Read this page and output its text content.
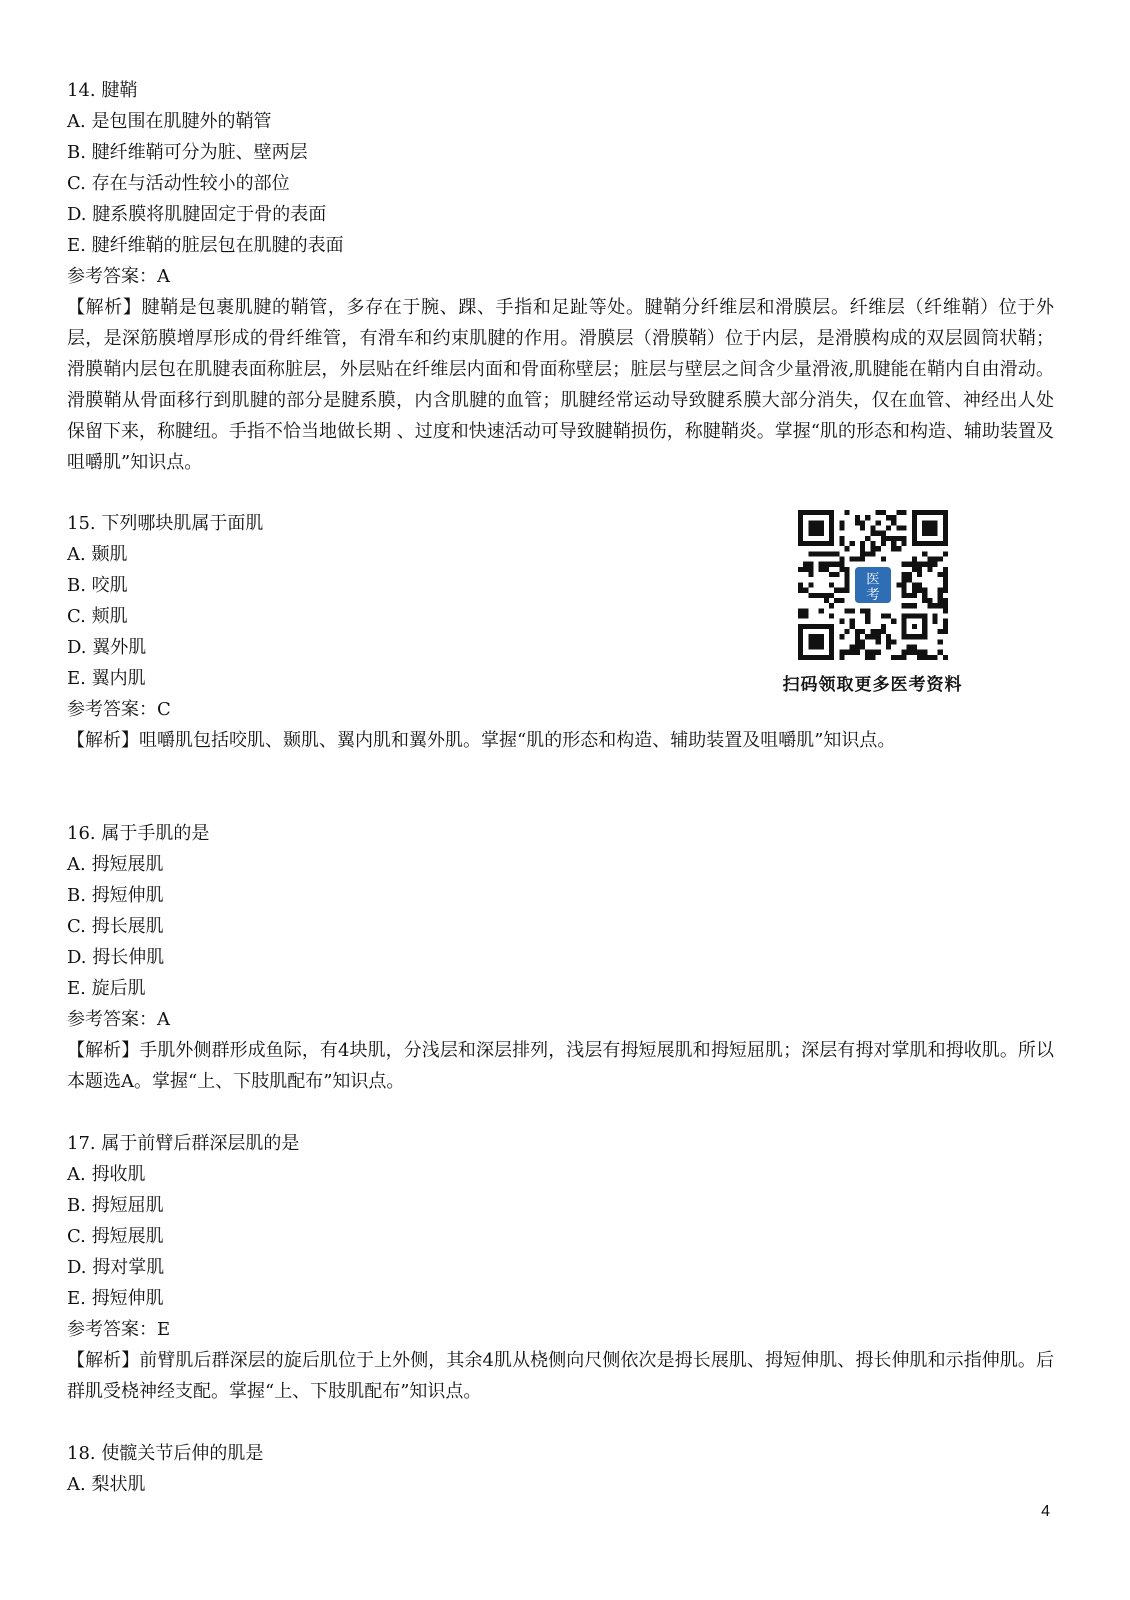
14. 腱鞘
A. 是包围在肌腱外的鞘管
B. 腱纤维鞘可分为脏、壁两层
C. 存在与活动性较小的部位
D. 腱系膜将肌腱固定于骨的表面
E. 腱纤维鞘的脏层包在肌腱的表面
参考答案：A
【解析】腱鞘是包裹肌腱的鞘管，多存在于腕、踝、手指和足趾等处。腱鞘分纤维层和滑膜层。纤维层（纤维鞘）位于外层，是深筋膜增厚形成的骨纤维管，有滑车和约束肌腱的作用。滑膜层（滑膜鞘）位于内层，是滑膜构成的双层圆筒状鞘；滑膜鞘内层包在肌腱表面称脏层，外层贴在纤维层内面和骨面称壁层；脏层与壁层之间含少量滑液,肌腱能在鞘内自由滑动。滑膜鞘从骨面移行到肌腱的部分是腱系膜，内含肌腱的血管；肌腱经常运动导致腱系膜大部分消失，仅在血管、神经出人处保留下来，称腱纽。手指不恰当地做长期 、过度和快速活动可导致腱鞘损伤，称腱鞘炎。掌握“肌的形态和构造、辅助装置及咀嚼肌”知识点。
15. 下列哪块肌属于面肌
A. 颞肌
B. 咬肌
C. 颊肌
D. 翼外肌
E. 翼内肌
参考答案：C
【解析】咀嚼肌包括咬肌、颞肌、翼内肌和翼外肌。掌握“肌的形态和构造、辅助装置及咀嚼肌”知识点。
医
考
扫码领取更多医考资料
16. 属于手肌的是
A. 拇短展肌
B. 拇短伸肌
C. 拇长展肌
D. 拇长伸肌
E. 旋后肌
参考答案：A
【解析】手肌外侧群形成鱼际，有4块肌，分浅层和深层排列，浅层有拇短展肌和拇短屈肌；深层有拇对掌肌和拇收肌。所以本题选A。掌握“上、下肢肌配布”知识点。
17. 属于前臂后群深层肌的是
A. 拇收肌
B. 拇短屈肌
C. 拇短展肌
D. 拇对掌肌
E. 拇短伸肌
参考答案：E
【解析】前臂肌后群深层的旋后肌位于上外侧，其余4肌从桡侧向尺侧依次是拇长展肌、拇短伸肌、拇长伸肌和示指伸肌。后群肌受桡神经支配。掌握“上、下肢肌配布”知识点。
18. 使髋关节后伸的肌是
A. 梨状肌
4
